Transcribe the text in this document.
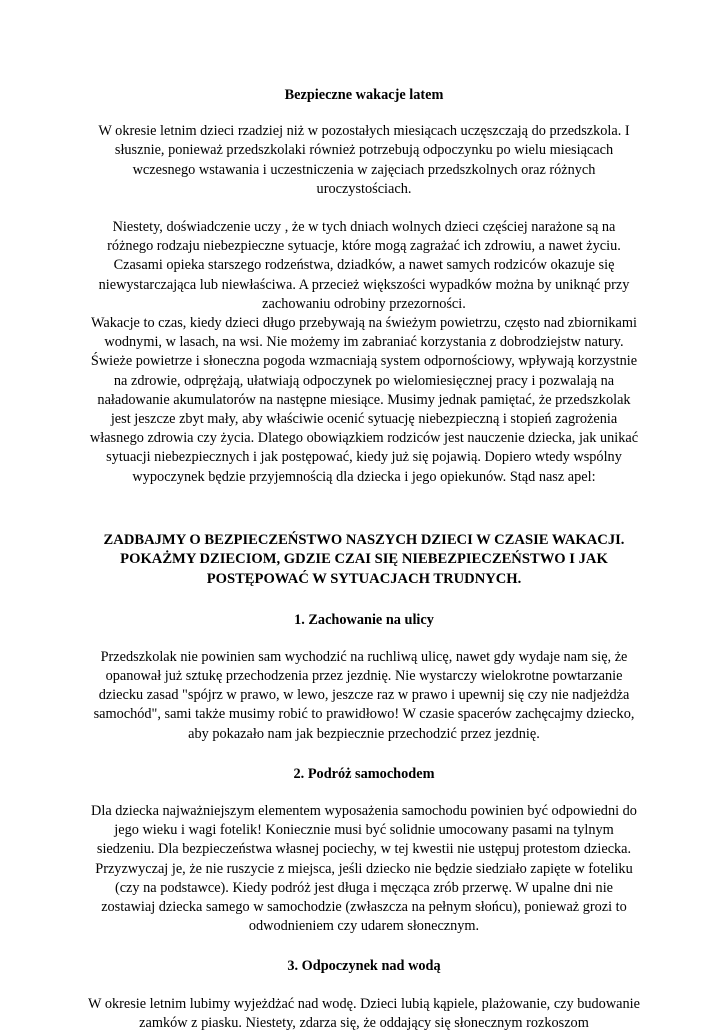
Bezpieczne wakacje latem

W okresie letnim dzieci rzadziej niż w pozostałych miesiącach uczęszczają do przedszkola. I słusznie, ponieważ przedszkolaki również potrzebują odpoczynku po wielu miesiącach wczesnego wstawania i uczestniczenia w zajęciach przedszkolnych oraz różnych uroczystościach.

Niestety, doświadczenie uczy , że w tych dniach wolnych dzieci częściej narażone są na różnego rodzaju niebezpieczne sytuacje, które mogą zagrażać ich zdrowiu, a nawet życiu. Czasami opieka starszego rodzeństwa, dziadków, a nawet samych rodziców okazuje się niewystarczająca lub niewłaściwa. A przecież większości wypadków można by uniknąć przy zachowaniu odrobiny przezorności.

Wakacje to czas, kiedy dzieci długo przebywają na świeżym powietrzu, często nad zbiornikami wodnymi, w lasach, na wsi. Nie możemy im zabraniać korzystania z dobrodziejstw natury. Świeże powietrze i słoneczna pogoda wzmacniają system odpornościowy, wpływają korzystnie na zdrowie, odprężają, ułatwiają odpoczynek po wielomiesięcznej pracy i pozwalają na naładowanie akumulatorów na następne miesiące. Musimy jednak pamiętać, że przedszkolak jest jeszcze zbyt mały, aby właściwie ocenić sytuację niebezpieczną i stopień zagrożenia własnego zdrowia czy życia. Dlatego obowiązkiem rodziców jest nauczenie dziecka, jak unikać sytuacji niebezpiecznych i jak postępować, kiedy już się pojawią. Dopiero wtedy wspólny wypoczynek będzie przyjemnością dla dziecka i jego opiekunów. Stąd nasz apel:

ZADBAJMY O BEZPIECZEŃSTWO NASZYCH DZIECI W CZASIE WAKACJI. POKAŻMY DZIECIOM, GDZIE CZAI SIĘ NIEBEZPIECZEŃSTWO I JAK POSTĘPOWAĆ W SYTUACJACH TRUDNYCH.

1. Zachowanie na ulicy

Przedszkolak nie powinien sam wychodzić na ruchliwą ulicę, nawet gdy wydaje nam się, że opanował już sztukę przechodzenia przez jezdnię. Nie wystarczy wielokrotne powtarzanie dziecku zasad "spójrz w prawo, w lewo, jeszcze raz w prawo i upewnij się czy nie nadjeżdża samochód", sami także musimy robić to prawidłowo! W czasie spacerów zachęcajmy dziecko, aby pokazało nam jak bezpiecznie przechodzić przez jezdnię.

2. Podróż samochodem

Dla dziecka najważniejszym elementem wyposażenia samochodu powinien być odpowiedni do jego wieku i wagi fotelik! Koniecznie musi być solidnie umocowany pasami na tylnym siedzeniu. Dla bezpieczeństwa własnej pociechy, w tej kwestii nie ustępuj protestom dziecka. Przyzwyczaj je, że nie ruszycie z miejsca, jeśli dziecko nie będzie siedziało zapięte w foteliku (czy na podstawce). Kiedy podróż jest długa i męcząca zrób przerwę. W upalne dni nie zostawiaj dziecka samego w samochodzie (zwłaszcza na pełnym słońcu), ponieważ grozi to odwodnieniem czy udarem słonecznym.

3. Odpoczynek nad wodą

W okresie letnim lubimy wyjeżdżać nad wodę. Dzieci lubią kąpiele, plażowanie, czy budowanie zamków z piasku. Niestety, zdarza się, że oddający się słonecznym rozkoszom
